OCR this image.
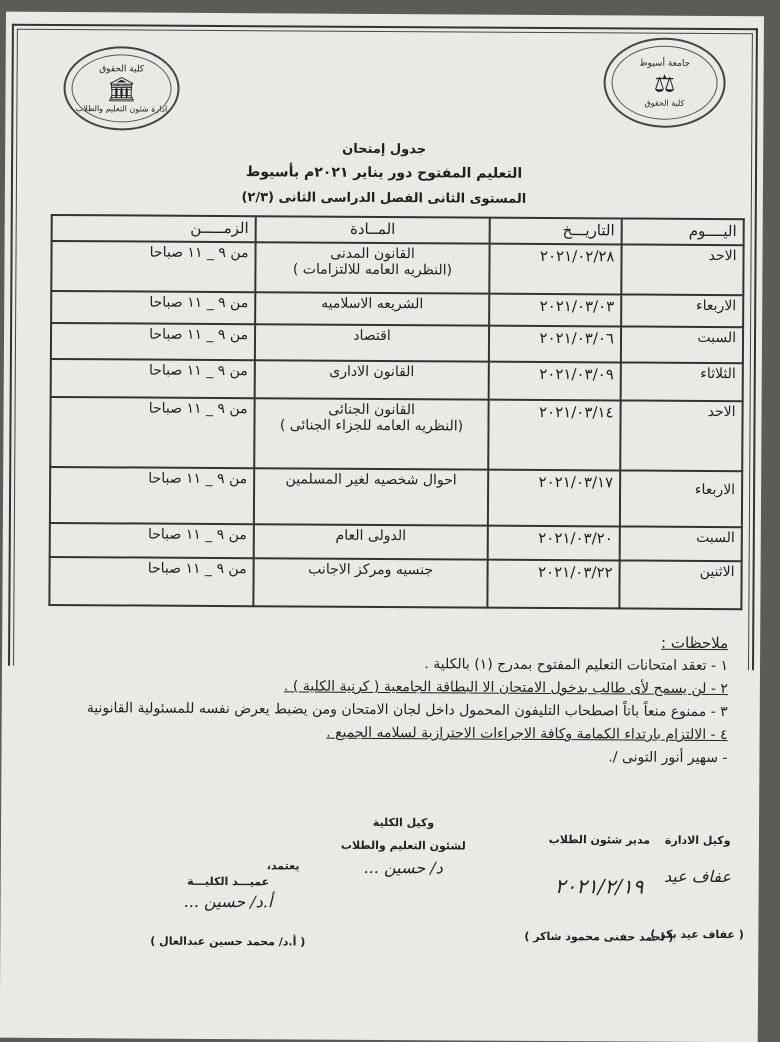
كلية الحقوق
🏛
ادارة شئون التعليم والطلاب
جامعة أسيوط
⚖
كلية الحقوق
جدول إمتحان
التعليم المفتوح دور يناير ٢٠٢١م بأسيوط
المستوى الثانى الفصل الدراسى الثانى (٢/٣)
اليــــوم	التاريـــخ	المــادة	الزمـــــن
الاحد	٢٠٢١/٠٢/٢٨	القانون المدنى
(النظريه العامه للالتزامات )	من ٩ _ ١١ صباحا
الاربعاء	٢٠٢١/٠٣/٠٣	الشريعه الاسلاميه	من ٩ _ ١١ صباحا
السبت	٢٠٢١/٠٣/٠٦	اقتصاد	من ٩ _ ١١ صباحا
الثلاثاء	٢٠٢١/٠٣/٠٩	القانون الادارى	من ٩ _ ١١ صباحا
الاحد	٢٠٢١/٠٣/١٤	القانون الجنائى
(النظريه العامه للجزاء الجنائى )	من ٩ _ ١١ صباحا
الاربعاء	٢٠٢١/٠٣/١٧	احوال شخصيه لغير المسلمين	من ٩ _ ١١ صباحا
السبت	٢٠٢١/٠٣/٢٠	الدولى العام	من ٩ _ ١١ صباحا
الاثنين	٢٠٢١/٠٣/٢٢	جنسيه ومركز الاجانب	من ٩ _ ١١ صباحا
ملاحظات :
١ - تعقد امتحانات التعليم المفتوح بمدرج (١) بالكلية .
٢ - لن يسمح لأى طالب بدخول الامتحان الا البطاقة الجامعية ( كرنية الكلية ) .
٣ - ممنوع منعاً باتاً اصطحاب التليفون المحمول داخل لجان الامتحان ومن يضبط يعرض نفسه للمسئولية القانونية
٤ - الالتزام بارتداء الكمامة وكافة الاجراءات الاحترازية لسلامه الجميع .
- سهير أنور التونى /.
وكيل الكلية
لشئون التعليم والطلاب
د/ حسين ...
مدير شئون الطلاب
٢٠٢١/٢/١٩
( احمد حفنى محمود شاكر )
وكيل الادارة
عفاف عيد
( عفاف عيد بكر )
يعتمد،
عميـــد الكليـــة
أ.د/ حسين ...
( أ.د/ محمد حسين عبدالعال )
